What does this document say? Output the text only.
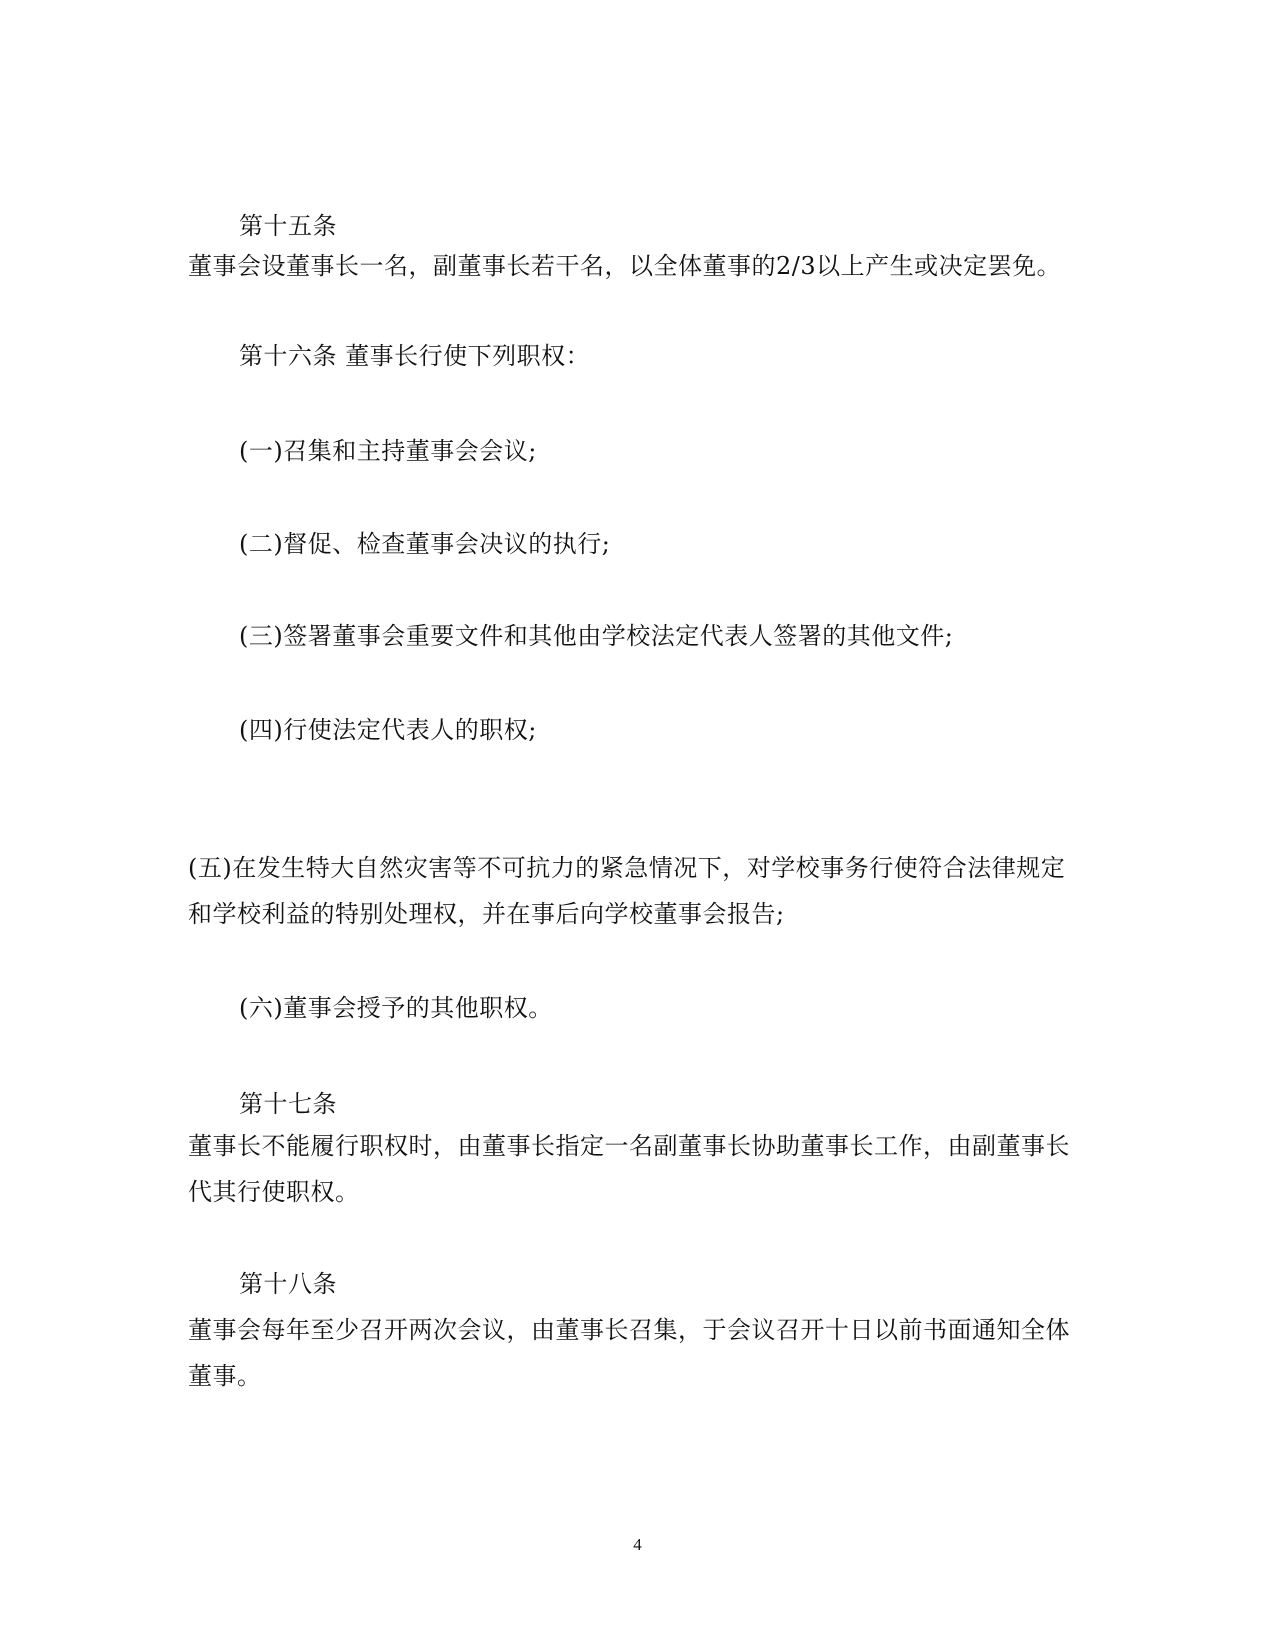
第十五条
董事会设董事长一名，副董事长若干名，以全体董事的2/3以上产生或决定罢免。
第十六条 董事长行使下列职权：
(一)召集和主持董事会会议;
(二)督促、检查董事会决议的执行;
(三)签署董事会重要文件和其他由学校法定代表人签署的其他文件;
(四)行使法定代表人的职权;
(五)在发生特大自然灾害等不可抗力的紧急情况下，对学校事务行使符合法律规定
和学校利益的特别处理权，并在事后向学校董事会报告;
(六)董事会授予的其他职权。
第十七条
董事长不能履行职权时，由董事长指定一名副董事长协助董事长工作，由副董事长
代其行使职权。
第十八条
董事会每年至少召开两次会议，由董事长召集，于会议召开十日以前书面通知全体
董事。
4
